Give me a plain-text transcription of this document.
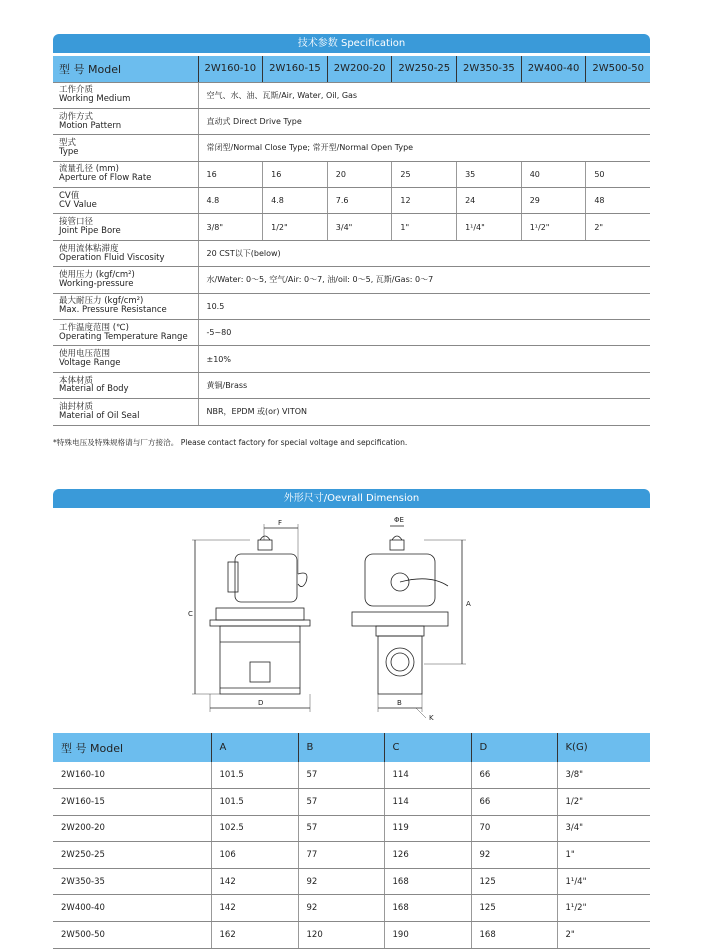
技术参数 Specification
型 号 Model	2W160-10	2W160-15	2W200-20	2W250-25	2W350-35	2W400-40	2W500-50

工作介质
Working Medium	空气、水、油、瓦斯/Air, Water, Oil, Gas						

动作方式
Motion Pattern	直动式 Direct Drive Type						

型式
Type	常闭型/Normal Close Type; 常开型/Normal Open Type						

流量孔径 (mm)
Aperture of Flow Rate	16	16	20	25	35	40	50

CV值
CV Value	4.8	4.8	7.6	12	24	29	48

接管口径
Joint Pipe Bore	3/8"	1/2"	3/4"	1"	1¹/4"	1¹/2"	2"

使用流体粘滞度
Operation Fluid Viscosity	20 CST以下(below)						

使用压力 (kgf/cm²)
Working-pressure	水/Water: 0～5, 空气/Air: 0～7, 油/oil: 0～5, 瓦斯/Gas: 0～7						

最大耐压力 (kgf/cm²)
Max. Pressure Resistance	10.5						

工作温度范围 (℃)
Operating Temperature Range	-5~80						

使用电压范围
Voltage Range	±10%						

本体材质
Material of Body	黄铜/Brass						

油封材质
Material of Oil Seal	NBR，EPDM 或(or) VITON						
*特殊电压及特殊规格请与厂方接洽。 Please contact factory for special voltage and sepcification.
外形尺寸/Oevrall Dimension
F
C
D
ΦE
A
B
K
型 号 Model	A	B	C	D	K(G)
2W160-10	101.5	57	114	66	3/8"
2W160-15	101.5	57	114	66	1/2"
2W200-20	102.5	57	119	70	3/4"
2W250-25	106	77	126	92	1"
2W350-35	142	92	168	125	1¹/4"
2W400-40	142	92	168	125	1¹/2"
2W500-50	162	120	190	168	2"
